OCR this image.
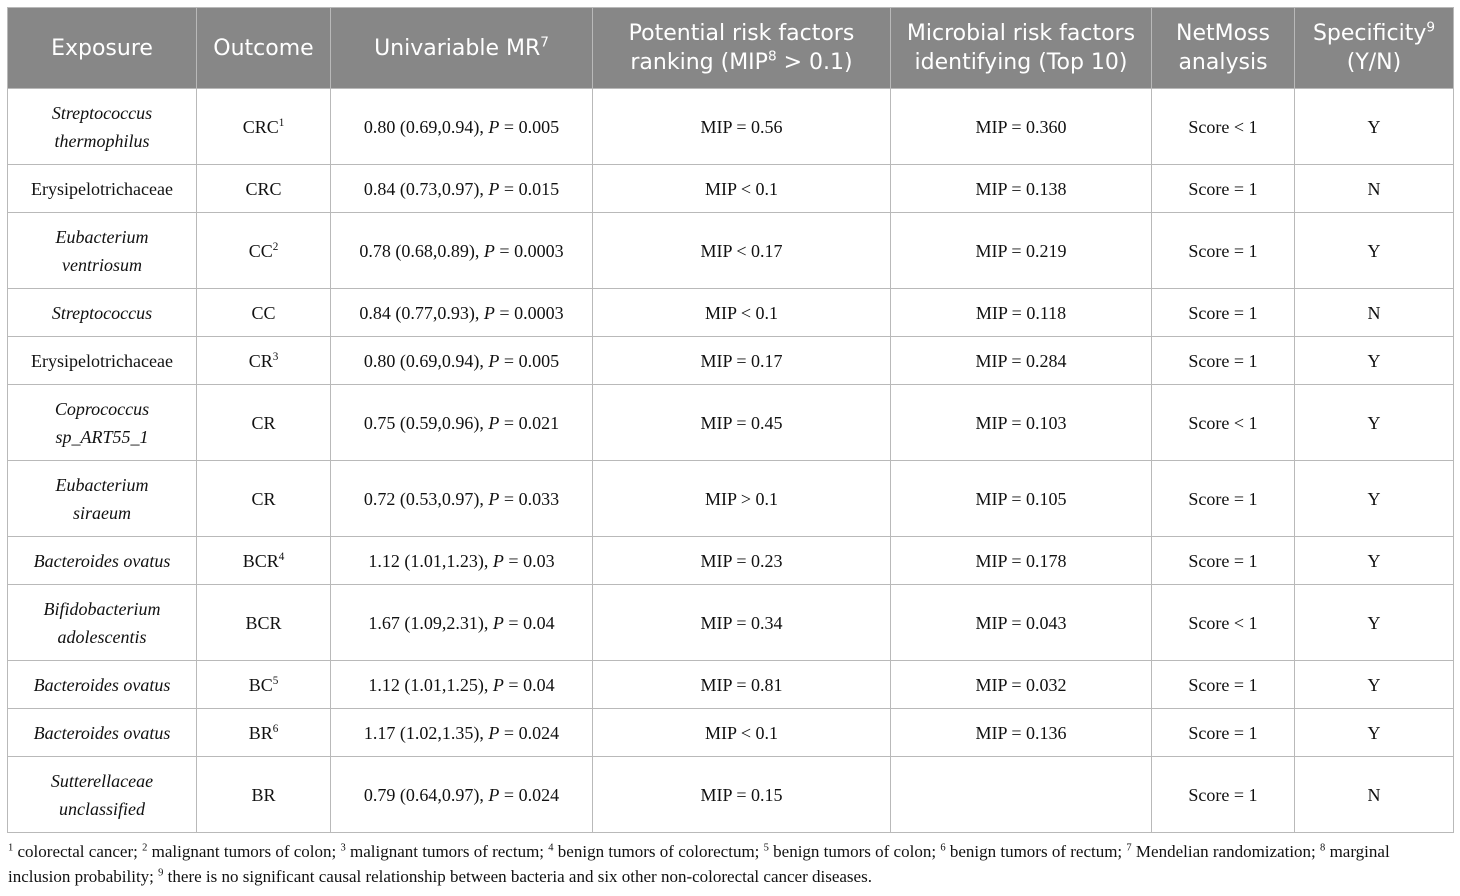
Exposure	Outcome	Univariable $MR^7$	Potential risk factors ranking $(MIP^8 > 0.1)$	Microbial risk factors identifying (Top 10)	NetMoss analysis	Specificity$^9$ (Y/N)
Streptococcus thermophilus	CRC$^1$	0.80 (0.69,0.94), P = 0.005	MIP = 0.56	MIP = 0.360	Score < 1	Y
Erysipelotrichaceae	CRC	0.84 (0.73,0.97), P = 0.015	MIP < 0.1	MIP = 0.138	Score = 1	N
Eubacterium ventriosum	$CC^2$	0.78 (0.68,0.89), P = 0.0003	MIP < 0.17	MIP = 0.219	Score = 1	Y
Streptococcus	CC	0.84 (0.77,0.93), P = 0.0003	MIP < 0.1	MIP = 0.118	Score = 1	N
Erysipelotrichaceae	$CR^3$	0.80 (0.69,0.94), P = 0.005	MIP = 0.17	MIP = 0.284	Score = 1	Y
Coprococcus sp_ART55_1	CR	0.75 (0.59,0.96), P = 0.021	MIP = 0.45	MIP = 0.103	Score < 1	Y
Eubacterium siraeum	CR	0.72 (0.53,0.97), P = 0.033	MIP > 0.1	MIP = 0.105	Score = 1	Y
Bacteroides ovatus	BCR$^4$	1.12 (1.01,1.23), P = 0.03	MIP = 0.23	MIP = 0.178	Score = 1	Y
Bifidobacterium adolescentis	BCR	1.67 (1.09,2.31), P = 0.04	MIP = 0.34	MIP = 0.043	Score < 1	Y
Bacteroides ovatus	$BC^5$	1.12 (1.01,1.25), P = 0.04	MIP = 0.81	MIP = 0.032	Score = 1	Y
Bacteroides ovatus	$BR^6$	1.17 (1.02,1.35), P = 0.024	MIP < 0.1	MIP = 0.136	Score = 1	Y
Sutterellaceae unclassified	BR	0.79 (0.64,0.97), P = 0.024	MIP = 0.15		Score = 1	N
$^1$ colorectal cancer; $^2$ malignant tumors of colon; $^3$ malignant tumors of rectum; $^4$ benign tumors of colorectum; $^5$ benign tumors of colon; $^6$ benign tumors of rectum; $^7$ Mendelian randomization; $^8$ marginal inclusion probability; $^9$ there is no significant causal relationship between bacteria and six other non-colorectal cancer diseases.
